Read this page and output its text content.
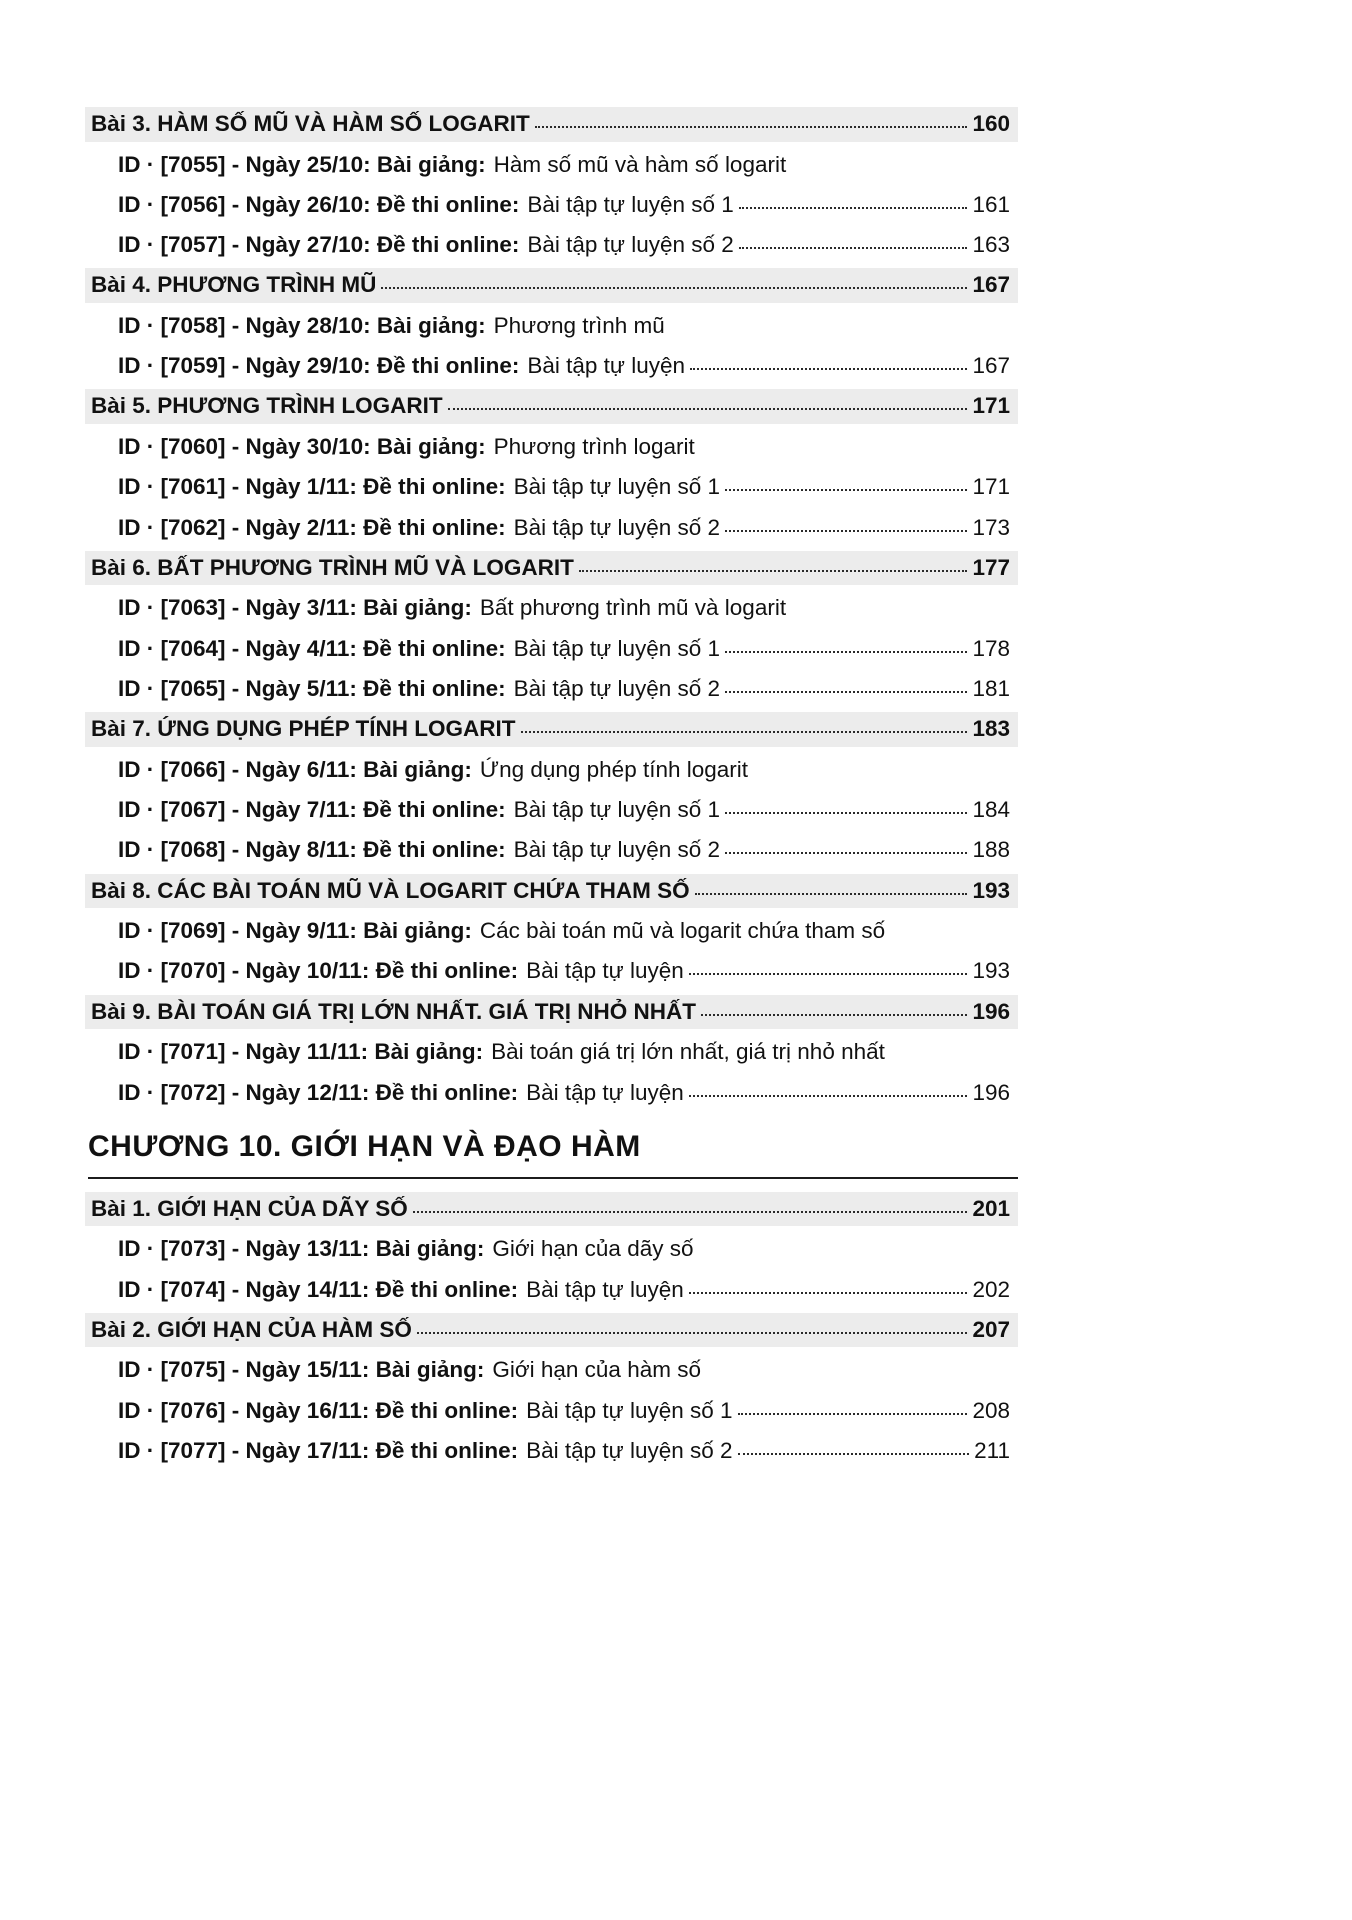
Bài 3. HÀM SỐ MŨ VÀ HÀM SỐ LOGARIT	160
ID · [7055] - Ngày 25/10: Bài giảng: Hàm số mũ và hàm số logarit
ID · [7056] - Ngày 26/10: Đề thi online: Bài tập tự luyện số 1	161
ID · [7057] - Ngày 27/10: Đề thi online: Bài tập tự luyện số 2	163
Bài 4. PHƯƠNG TRÌNH MŨ	167
ID · [7058] - Ngày 28/10: Bài giảng: Phương trình mũ
ID · [7059] - Ngày 29/10: Đề thi online: Bài tập tự luyện	167
Bài 5. PHƯƠNG TRÌNH LOGARIT	171
ID · [7060] - Ngày 30/10: Bài giảng: Phương trình logarit
ID · [7061] - Ngày 1/11: Đề thi online: Bài tập tự luyện số 1	171
ID · [7062] - Ngày 2/11: Đề thi online: Bài tập tự luyện số 2	173
Bài 6. BẤT PHƯƠNG TRÌNH MŨ VÀ LOGARIT	177
ID · [7063] - Ngày 3/11: Bài giảng: Bất phương trình mũ và logarit
ID · [7064] - Ngày 4/11: Đề thi online: Bài tập tự luyện số 1	178
ID · [7065] - Ngày 5/11: Đề thi online: Bài tập tự luyện số 2	181
Bài 7. ỨNG DỤNG PHÉP TÍNH LOGARIT	183
ID · [7066] - Ngày 6/11: Bài giảng: Ứng dụng phép tính logarit
ID · [7067] - Ngày 7/11: Đề thi online: Bài tập tự luyện số 1	184
ID · [7068] - Ngày 8/11: Đề thi online: Bài tập tự luyện số 2	188
Bài 8. CÁC BÀI TOÁN MŨ VÀ LOGARIT CHỨA THAM SỐ	193
ID · [7069] - Ngày 9/11: Bài giảng: Các bài toán mũ và logarit chứa tham số
ID · [7070] - Ngày 10/11: Đề thi online: Bài tập tự luyện	193
Bài 9. BÀI TOÁN GIÁ TRỊ LỚN NHẤT. GIÁ TRỊ NHỎ NHẤT	196
ID · [7071] - Ngày 11/11: Bài giảng: Bài toán giá trị lớn nhất, giá trị nhỏ nhất
ID · [7072] - Ngày 12/11: Đề thi online: Bài tập tự luyện	196
CHƯƠNG 10. GIỚI HẠN VÀ ĐẠO HÀM
Bài 1. GIỚI HẠN CỦA DÃY SỐ	201
ID · [7073] - Ngày 13/11: Bài giảng: Giới hạn của dãy số
ID · [7074] - Ngày 14/11: Đề thi online: Bài tập tự luyện	202
Bài 2. GIỚI HẠN CỦA HÀM SỐ	207
ID · [7075] - Ngày 15/11: Bài giảng: Giới hạn của hàm số
ID · [7076] - Ngày 16/11: Đề thi online: Bài tập tự luyện số 1	208
ID · [7077] - Ngày 17/11: Đề thi online: Bài tập tự luyện số 2	211
